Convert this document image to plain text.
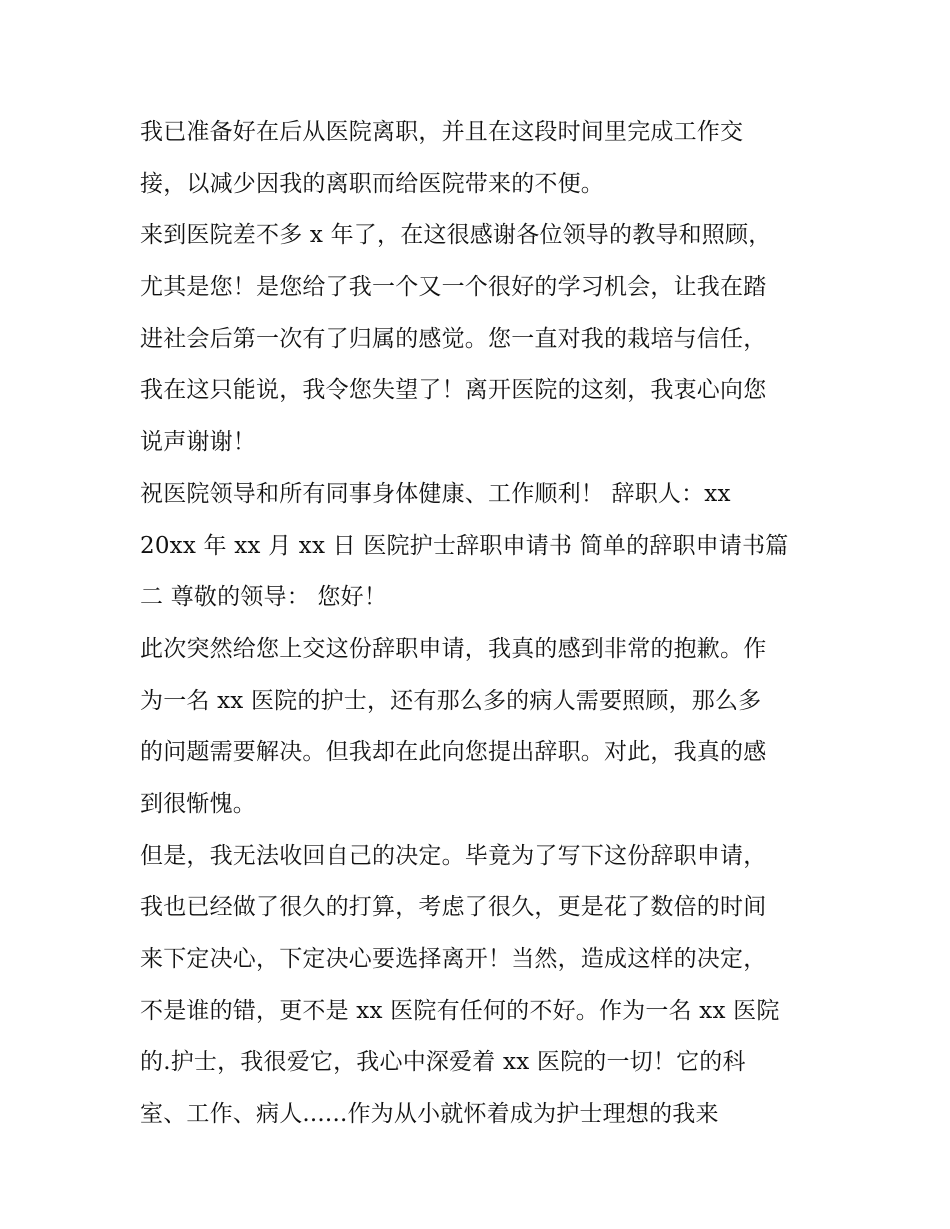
我已准备好在后从医院离职，并且在这段时间里完成工作交
接，以减少因我的离职而给医院带来的不便。
来到医院差不多 x 年了，在这很感谢各位领导的教导和照顾，
尤其是您！是您给了我一个又一个很好的学习机会，让我在踏
进社会后第一次有了归属的感觉。您一直对我的栽培与信任，
我在这只能说，我令您失望了！离开医院的这刻，我衷心向您
说声谢谢！
祝医院领导和所有同事身体健康、工作顺利！ 辞职人：xx
20xx 年 xx 月 xx 日 医院护士辞职申请书 简单的辞职申请书篇
二 尊敬的领导： 您好！
此次突然给您上交这份辞职申请，我真的感到非常的抱歉。作
为一名 xx 医院的护士，还有那么多的病人需要照顾，那么多
的问题需要解决。但我却在此向您提出辞职。对此，我真的感
到很惭愧。
但是，我无法收回自己的决定。毕竟为了写下这份辞职申请，
我也已经做了很久的打算，考虑了很久，更是花了数倍的时间
来下定决心，下定决心要选择离开！当然，造成这样的决定，
不是谁的错，更不是 xx 医院有任何的不好。作为一名 xx 医院
的.护士，我很爱它，我心中深爱着 xx 医院的一切！它的科
室、工作、病人......作为从小就怀着成为护士理想的我来
